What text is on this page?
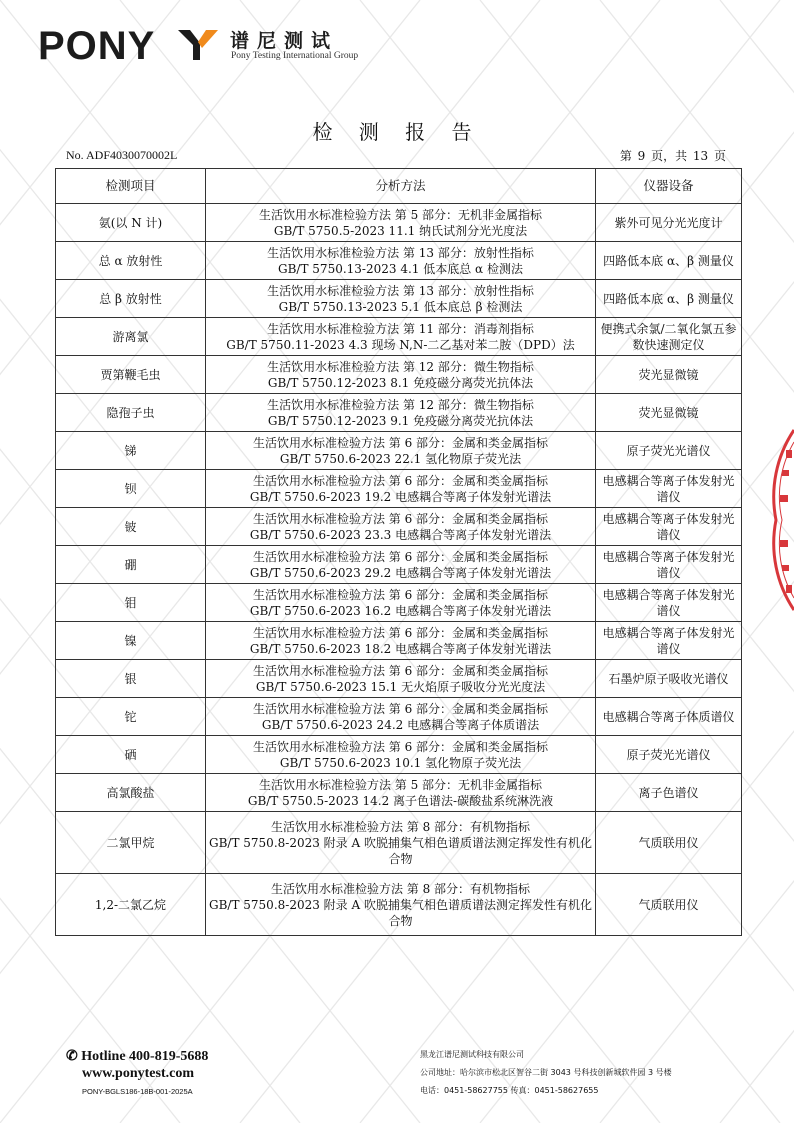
PONY	谱尼测试
Pony Testing International Group
检 测 报 告
No. ADF4030070002L	第 9 页，共 13 页
检测项目	分析方法	仪器设备
氨(以 N 计)	生活饮用水标准检验方法 第 5 部分：无机非金属指标
GB/T 5750.5-2023 11.1 纳氏试剂分光光度法	紫外可见分光光度计
总 α 放射性	生活饮用水标准检验方法 第 13 部分：放射性指标
GB/T 5750.13-2023 4.1 低本底总 α 检测法	四路低本底 α、β 测量仪
总 β 放射性	生活饮用水标准检验方法 第 13 部分：放射性指标
GB/T 5750.13-2023 5.1 低本底总 β 检测法	四路低本底 α、β 测量仪
游离氯	生活饮用水标准检验方法 第 11 部分：消毒剂指标
GB/T 5750.11-2023 4.3 现场 N,N-二乙基对苯二胺（DPD）法	便携式余氯/二氧化氯五参数快速测定仪
贾第鞭毛虫	生活饮用水标准检验方法 第 12 部分：微生物指标
GB/T 5750.12-2023 8.1 免疫磁分离荧光抗体法	荧光显微镜
隐孢子虫	生活饮用水标准检验方法 第 12 部分：微生物指标
GB/T 5750.12-2023 9.1 免疫磁分离荧光抗体法	荧光显微镜
锑	生活饮用水标准检验方法 第 6 部分：金属和类金属指标
GB/T 5750.6-2023 22.1 氢化物原子荧光法	原子荧光光谱仪
钡	生活饮用水标准检验方法 第 6 部分：金属和类金属指标
GB/T 5750.6-2023 19.2 电感耦合等离子体发射光谱法	电感耦合等离子体发射光谱仪
铍	生活饮用水标准检验方法 第 6 部分：金属和类金属指标
GB/T 5750.6-2023 23.3 电感耦合等离子体发射光谱法	电感耦合等离子体发射光谱仪
硼	生活饮用水标准检验方法 第 6 部分：金属和类金属指标
GB/T 5750.6-2023 29.2 电感耦合等离子体发射光谱法	电感耦合等离子体发射光谱仪
钼	生活饮用水标准检验方法 第 6 部分：金属和类金属指标
GB/T 5750.6-2023 16.2 电感耦合等离子体发射光谱法	电感耦合等离子体发射光谱仪
镍	生活饮用水标准检验方法 第 6 部分：金属和类金属指标
GB/T 5750.6-2023 18.2 电感耦合等离子体发射光谱法	电感耦合等离子体发射光谱仪
银	生活饮用水标准检验方法 第 6 部分：金属和类金属指标
GB/T 5750.6-2023 15.1 无火焰原子吸收分光光度法	石墨炉原子吸收光谱仪
铊	生活饮用水标准检验方法 第 6 部分：金属和类金属指标
GB/T 5750.6-2023 24.2 电感耦合等离子体质谱法	电感耦合等离子体质谱仪
硒	生活饮用水标准检验方法 第 6 部分：金属和类金属指标
GB/T 5750.6-2023 10.1 氢化物原子荧光法	原子荧光光谱仪
高氯酸盐	生活饮用水标准检验方法 第 5 部分：无机非金属指标
GB/T 5750.5-2023 14.2 离子色谱法-碳酸盐系统淋洗液	离子色谱仪
二氯甲烷	生活饮用水标准检验方法 第 8 部分：有机物指标
GB/T 5750.8-2023 附录 A 吹脱捕集气相色谱质谱法测定挥发性有机化合物	气质联用仪
1,2-二氯乙烷	生活饮用水标准检验方法 第 8 部分：有机物指标
GB/T 5750.8-2023 附录 A 吹脱捕集气相色谱质谱法测定挥发性有机化合物	气质联用仪
✆ Hotline 400-819-5688
www.ponytest.com
PONY-BGLS186-18B-001-2025A
黑龙江谱尼测试科技有限公司
公司地址：哈尔滨市松北区智谷二街 3043 号科技创新城软件园 3 号楼
电话：0451-58627755 传真：0451-58627655
